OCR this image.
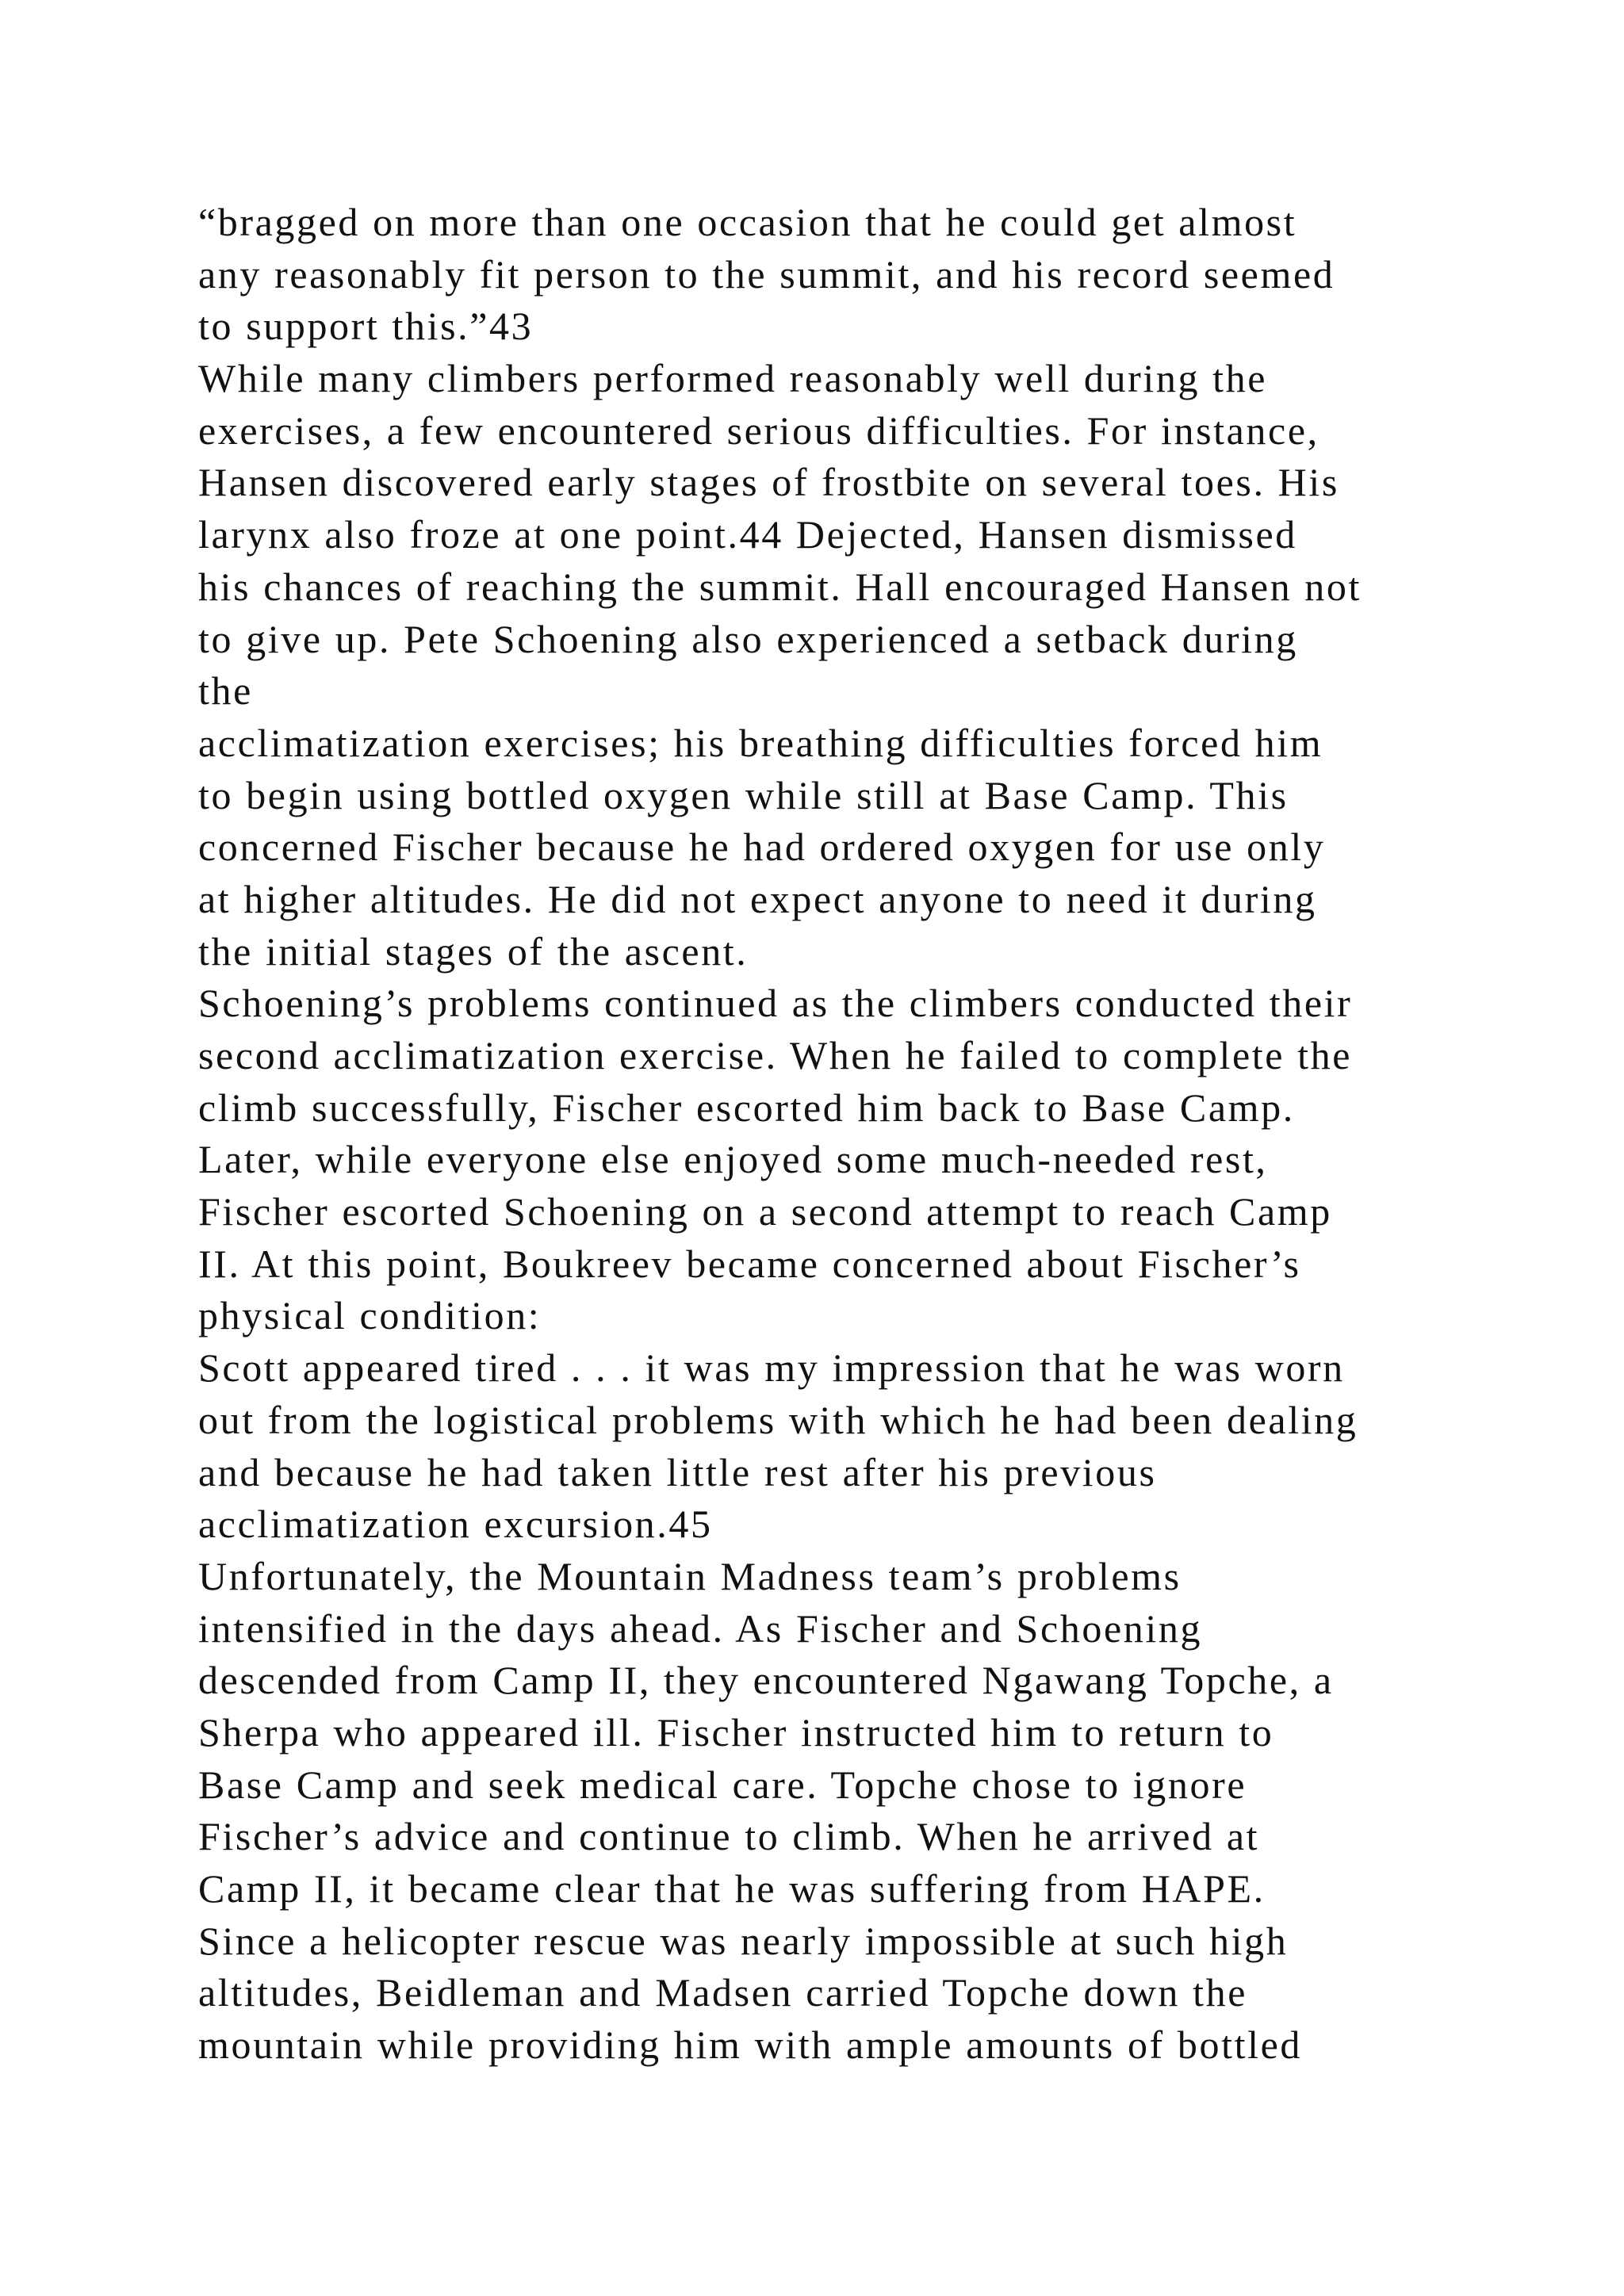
“bragged on more than one occasion that he could get almost
any reasonably fit person to the summit, and his record seemed
to support this.”43
While many climbers performed reasonably well during the
exercises, a few encountered serious difficulties. For instance,
Hansen discovered early stages of frostbite on several toes. His
larynx also froze at one point.44 Dejected, Hansen dismissed
his chances of reaching the summit. Hall encouraged Hansen not
to give up. Pete Schoening also experienced a setback during
the
acclimatization exercises; his breathing difficulties forced him
to begin using bottled oxygen while still at Base Camp. This
concerned Fischer because he had ordered oxygen for use only
at higher altitudes. He did not expect anyone to need it during
the initial stages of the ascent.
Schoening’s problems continued as the climbers conducted their
second acclimatization exercise. When he failed to complete the
climb successfully, Fischer escorted him back to Base Camp.
Later, while everyone else enjoyed some much-needed rest,
Fischer escorted Schoening on a second attempt to reach Camp
II. At this point, Boukreev became concerned about Fischer’s
physical condition:
Scott appeared tired . . . it was my impression that he was worn
out from the logistical problems with which he had been dealing
and because he had taken little rest after his previous
acclimatization excursion.45
Unfortunately, the Mountain Madness team’s problems
intensified in the days ahead. As Fischer and Schoening
descended from Camp II, they encountered Ngawang Topche, a
Sherpa who appeared ill. Fischer instructed him to return to
Base Camp and seek medical care. Topche chose to ignore
Fischer’s advice and continue to climb. When he arrived at
Camp II, it became clear that he was suffering from HAPE.
Since a helicopter rescue was nearly impossible at such high
altitudes, Beidleman and Madsen carried Topche down the
mountain while providing him with ample amounts of bottled
